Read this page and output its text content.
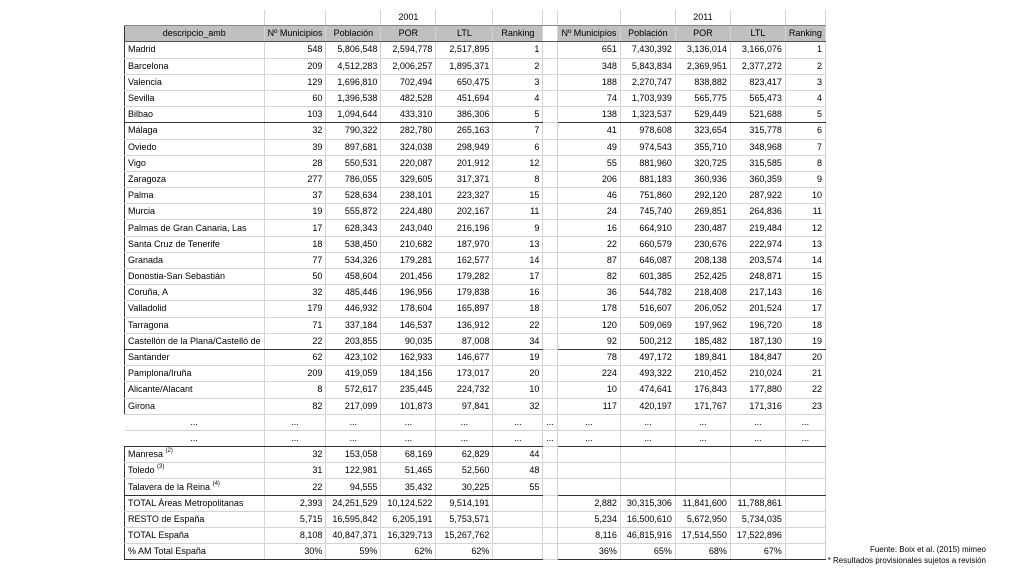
			2001						2011		
descripcio_amb	Nº Municipios	Población	POR	LTL	Ranking		Nº Municipios	Población	POR	LTL	Ranking
Madrid	548	5,806,548	2,594,778	2,517,895	1		651	7,430,392	3,136,014	3,166,076	1
Barcelona	209	4,512,283	2,006,257	1,895,371	2		348	5,843,834	2,369,951	2,377,272	2
Valencia	129	1,696,810	702,494	650,475	3		188	2,270,747	838,882	823,417	3
Sevilla	60	1,396,538	482,528	451,694	4		74	1,703,939	565,775	565,473	4
Bilbao	103	1,094,644	433,310	386,306	5		138	1,323,537	529,449	521,688	5
Málaga	32	790,322	282,780	265,163	7		41	978,608	323,654	315,778	6
Oviedo	39	897,681	324,038	298,949	6		49	974,543	355,710	348,968	7
Vigo	28	550,531	220,087	201,912	12		55	881,960	320,725	315,585	8
Zaragoza	277	786,055	329,605	317,371	8		206	881,183	360,936	360,359	9
Palma	37	528,634	238,101	223,327	15		46	751,860	292,120	287,922	10
Murcia	19	555,872	224,480	202,167	11		24	745,740	269,851	264,836	11
Palmas de Gran Canaria, Las	17	628,343	243,040	216,196	9		16	664,910	230,487	219,484	12
Santa Cruz de Tenerife	18	538,450	210,682	187,970	13		22	660,579	230,676	222,974	13
Granada	77	534,326	179,281	162,577	14		87	646,087	208,138	203,574	14
Donostia-San Sebastián	50	458,604	201,456	179,282	17		82	601,385	252,425	248,871	15
Coruña, A	32	485,446	196,956	179,838	16		36	544,782	218,408	217,143	16
Valladolid	179	446,932	178,604	165,897	18		178	516,607	206,052	201,524	17
Tarragona	71	337,184	146,537	136,912	22		120	509,069	197,962	196,720	18
Castellón de la Plana/Castelló de	22	203,855	90,035	87,008	34		92	500,212	185,482	187,130	19
Santander	62	423,102	162,933	146,677	19		78	497,172	189,841	184,847	20
Pamplona/Iruña	209	419,059	184,156	173,017	20		224	493,322	210,452	210,024	21
Alicante/Alacant	8	572,617	235,445	224,732	10		10	474,641	176,843	177,880	22
Girona	82	217,099	101,873	97,841	32		117	420,197	171,767	171,316	23
...	...	...	...	...	...	...	...	...	...	...	...
...	...	...	...	...	...	...	...	...	...	...	...
Manresa $^{(2)}$	32	153,058	68,169	62,829	44						
Toledo $^{(3)}$	31	122,981	51,465	52,560	48						
Talavera de la Reina $^{(4)}$	22	94,555	35,432	30,225	55						
TOTAL Àreas Metropolitanas	2,393	24,251,529	10,124,522	9,514,191			2,882	30,315,306	11,841,600	11,788,861	
RESTO de España	5,715	16,595,842	6,205,191	5,753,571			5,234	16,500,610	5,672,950	5,734,035	
TOTAL España	8,108	40,847,371	16,329,713	15,267,762			8,116	46,815,916	17,514,550	17,522,896	
% AM Total España	30%	59%	62%	62%			36%	65%	68%	67%		Fuente: Boix et al. (2015) mimeo
* Resultados provisionales sujetos a revisión
